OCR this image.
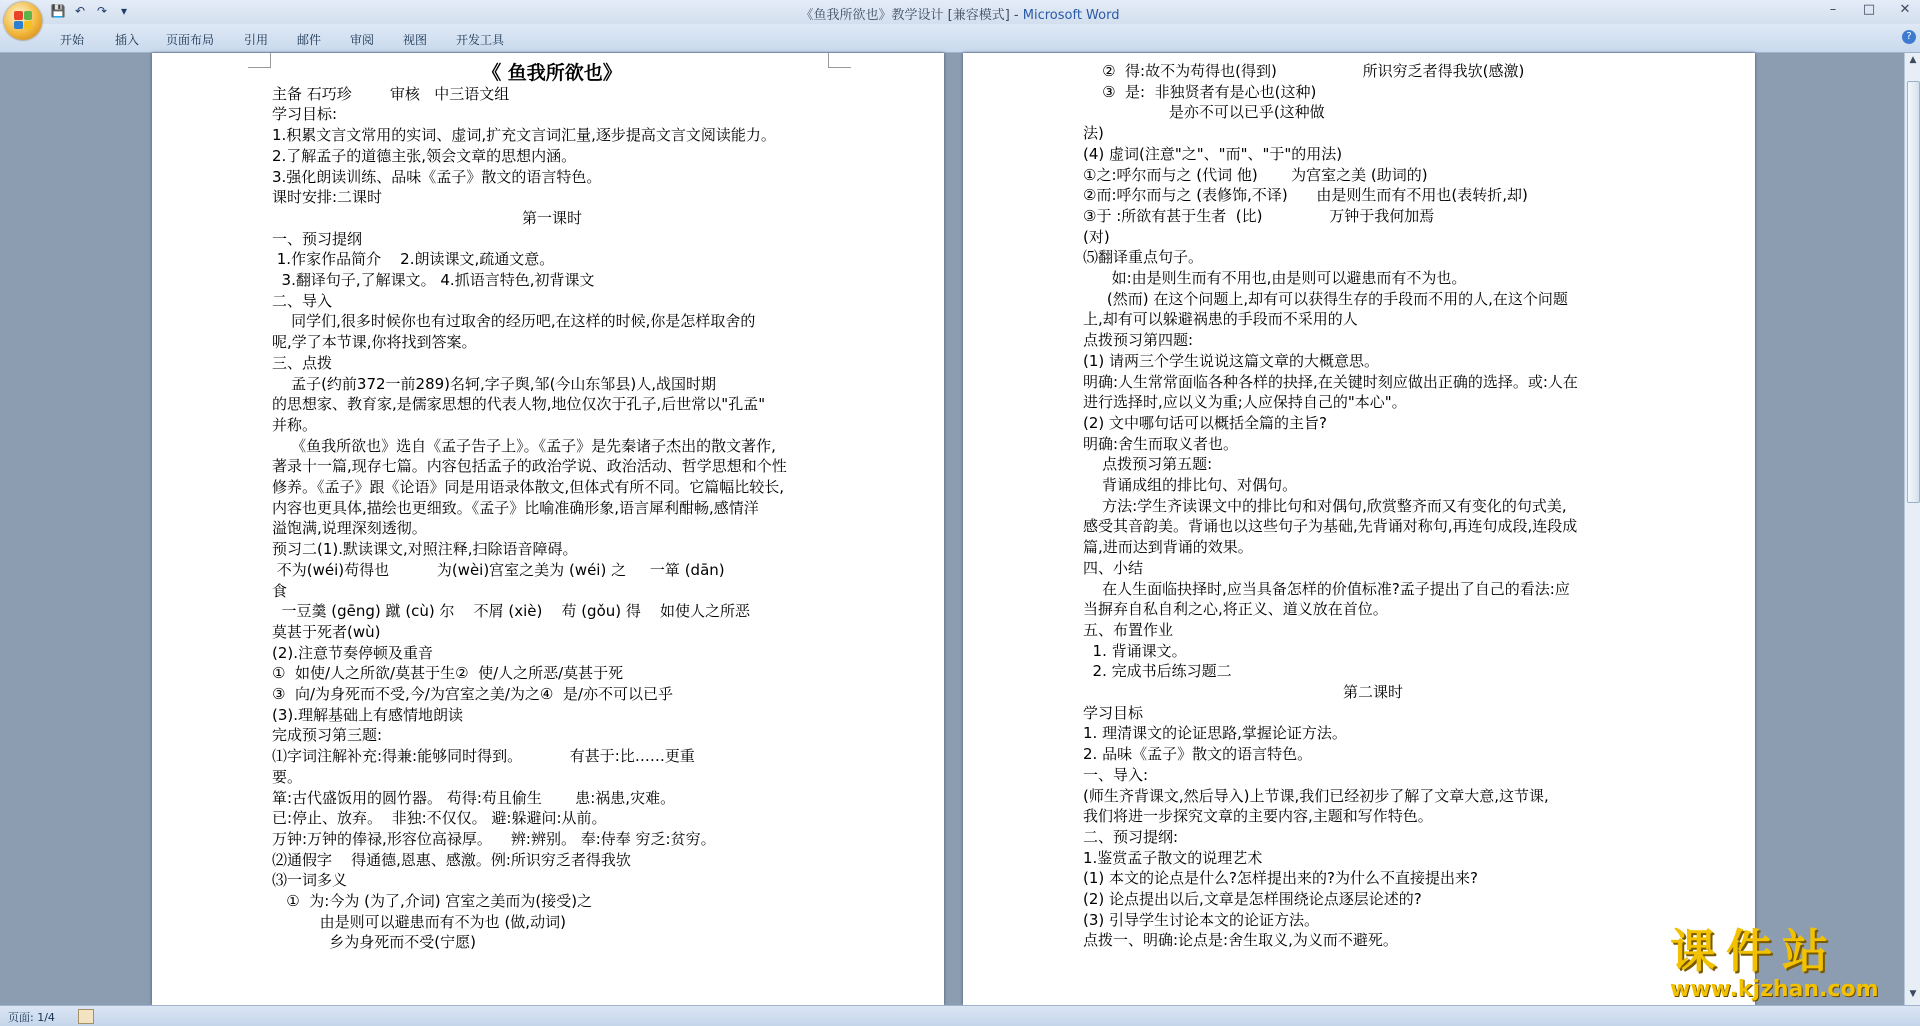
💾 ↶ ↷	▾	《鱼我所欲也》教学设计 [兼容模式] - Microsoft Word	–	□	✕
开始	插入 页面布局 引用 邮件 审阅 视图 开发工具	?
《 鱼我所欲也》
主备 石巧珍        审核   中三语文组
学习目标:
1.积累文言文常用的实词、虚词,扩充文言词汇量,逐步提高文言文阅读能力。
2.了解孟子的道德主张,领会文章的思想内涵。
3.强化朗读训练、品味《孟子》散文的语言特色。
课时安排:二课时
第一课时
一、预习提纲
1.作家作品简介    2.朗读课文,疏通文意。
3.翻译句子,了解课文。 4.抓语言特色,初背课文
二、导入
同学们,很多时候你也有过取舍的经历吧,在这样的时候,你是怎样取舍的
呢,学了本节课,你将找到答案。
三、点拨
孟子(约前372一前289)名轲,字子舆,邹(今山东邹县)人,战国时期
的思想家、教育家,是儒家思想的代表人物,地位仅次于孔子,后世常以"孔孟"
并称。
《鱼我所欲也》选自《孟子告子上》。《孟子》是先秦诸子杰出的散文著作,
著录十一篇,现存七篇。内容包括孟子的政治学说、政治活动、哲学思想和个性
修养。《孟子》跟《论语》同是用语录体散文,但体式有所不同。它篇幅比较长,
内容也更具体,描绘也更细致。《孟子》比喻准确形象,语言犀利酣畅,感情洋
溢饱满,说理深刻透彻。
预习二(1).默读课文,对照注释,扫除语音障碍。
不为(wéi)苟得也          为(wèi)宫室之美为 (wéi) 之     一箪 (dān)
食
一豆羹 (gēng) 蹴 (cù) 尔    不屑 (xiè)    苟 (gǒu) 得    如使人之所恶
莫甚于死者(wù)
(2).注意节奏停顿及重音
①  如使/人之所欲/莫甚于生②  使/人之所恶/莫甚于死
③  向/为身死而不受,今/为宫室之美/为之④  是/亦不可以已乎
(3).理解基础上有感情地朗读
完成预习第三题:
⑴字词注解补充:得兼:能够同时得到。          有甚于:比……更重
要。
箪:古代盛饭用的圆竹器。 苟得:苟且偷生       患:祸患,灾难。
已:停止、放弃。  非独:不仅仅。 避:躲避问:从前。
万钟:万钟的俸禄,形容位高禄厚。    辨:辨别。 奉:侍奉 穷乏:贫穷。
⑵通假字    得通德,恩惠、感激。例:所识穷乏者得我欤
⑶一词多义
①  为:今为 (为了,介词) 宫室之美而为(接受)之
由是则可以避患而有不为也 (做,动词)
乡为身死而不受(宁愿)
②  得:故不为苟得也(得到)                  所识穷乏者得我欤(感激)
③  是:  非独贤者有是心也(这种)
是亦不可以已乎(这种做
法)
(4) 虚词(注意"之"、"而"、"于"的用法)
①之:呼尔而与之 (代词 他)       为宫室之美 (助词的)
②而:呼尔而与之 (表修饰,不译)      由是则生而有不用也(表转折,却)
③于 :所欲有甚于生者  (比)              万钟于我何加焉
(对)
⑸翻译重点句子。
如:由是则生而有不用也,由是则可以避患而有不为也。
(然而) 在这个问题上,却有可以获得生存的手段而不用的人,在这个问题
上,却有可以躲避祸患的手段而不采用的人
点拨预习第四题:
(1) 请两三个学生说说这篇文章的大概意思。
明确:人生常常面临各种各样的抉择,在关键时刻应做出正确的选择。或:人在
进行选择时,应以义为重;人应保持自己的"本心"。
(2) 文中哪句话可以概括全篇的主旨?
明确:舍生而取义者也。
点拨预习第五题:
背诵成组的排比句、对偶句。
方法:学生齐读课文中的排比句和对偶句,欣赏整齐而又有变化的句式美,
感受其音韵美。背诵也以这些句子为基础,先背诵对称句,再连句成段,连段成
篇,进而达到背诵的效果。
四、小结
在人生面临抉择时,应当具备怎样的价值标准?孟子提出了自己的看法:应
当摒弃自私自利之心,将正义、道义放在首位。
五、布置作业
1. 背诵课文。
2. 完成书后练习题二
第二课时
学习目标
1. 理清课文的论证思路,掌握论证方法。
2. 品味《孟子》散文的语言特色。
一、导入:
(师生齐背课文,然后导入)上节课,我们已经初步了解了文章大意,这节课,
我们将进一步探究文章的主要内容,主题和写作特色。
二、预习提纲:
1.鉴赏孟子散文的说理艺术
(1) 本文的论点是什么?怎样提出来的?为什么不直接提出来?
(2) 论点提出以后,文章是怎样围绕论点逐层论述的?
(3) 引导学生讨论本文的论证方法。
点拨一、明确:论点是:舍生取义,为义而不避死。
▲
▼
页面: 1/4
课件站
www.kjzhan.com
